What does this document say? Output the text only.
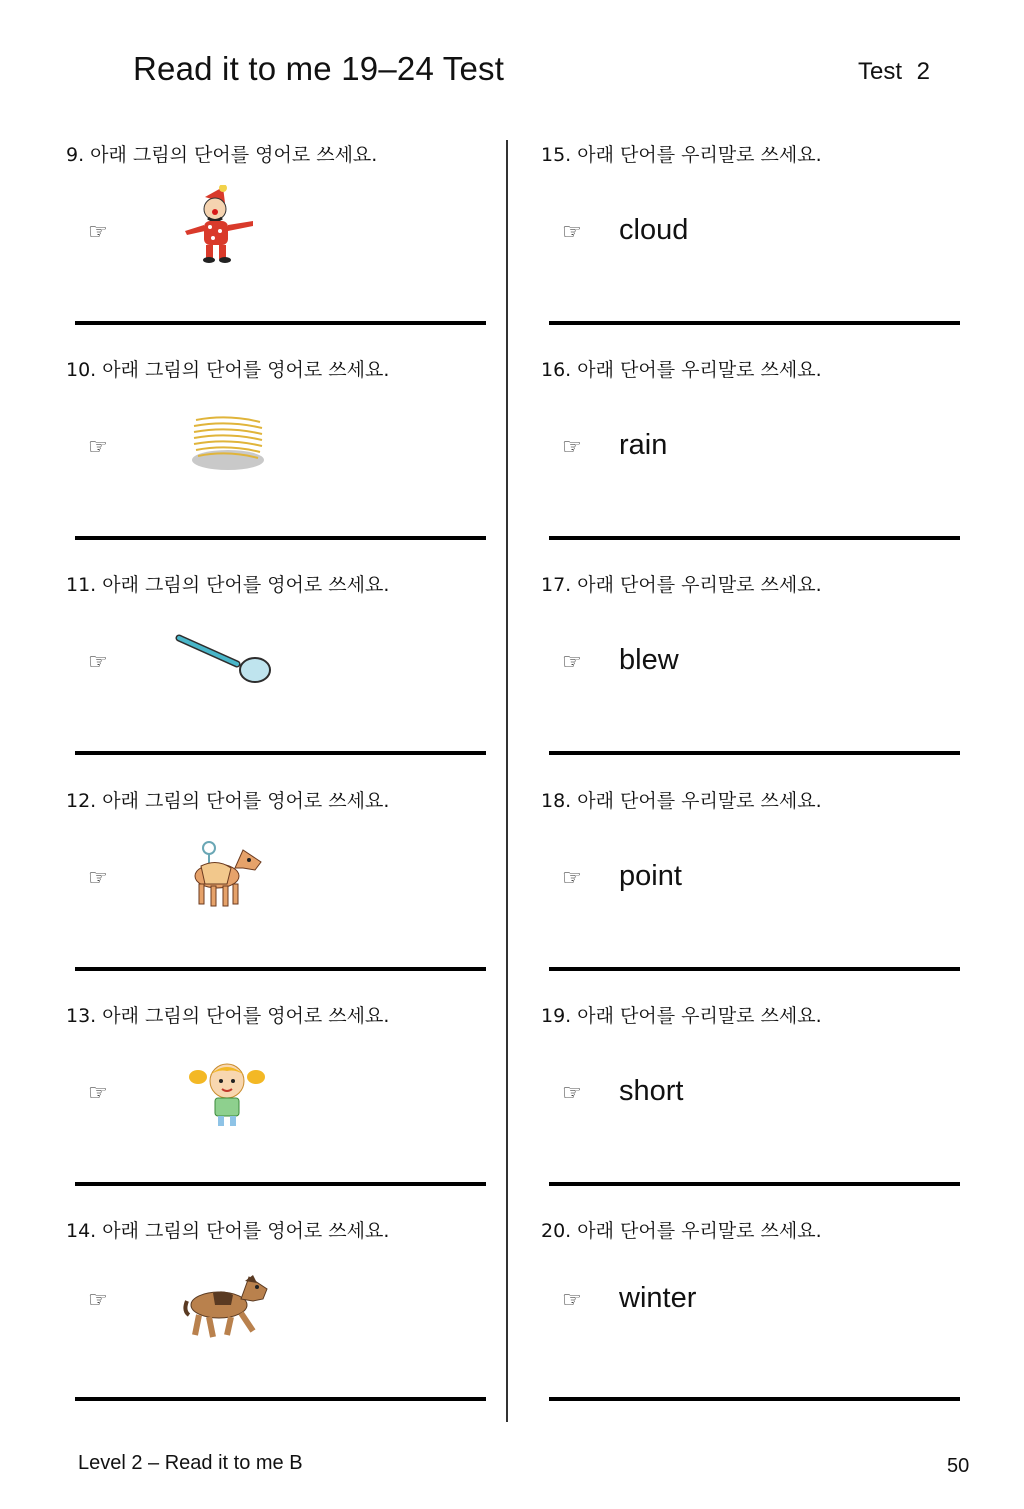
Read it to me 19–24 Test	Test 2
9. 아래 그림의 단어를 영어로 쓰세요.
☞
10. 아래 그림의 단어를 영어로 쓰세요.
☞
11. 아래 그림의 단어를 영어로 쓰세요.
☞
12. 아래 그림의 단어를 영어로 쓰세요.
☞
13. 아래 그림의 단어를 영어로 쓰세요.
☞
14. 아래 그림의 단어를 영어로 쓰세요.
☞
15. 아래 단어를 우리말로 쓰세요.
☞ cloud
16. 아래 단어를 우리말로 쓰세요.
☞ rain
17. 아래 단어를 우리말로 쓰세요.
☞ blew
18. 아래 단어를 우리말로 쓰세요.
☞ point
19. 아래 단어를 우리말로 쓰세요.
☞ short
20. 아래 단어를 우리말로 쓰세요.
☞ winter
Level 2 – Read it to me B	50
